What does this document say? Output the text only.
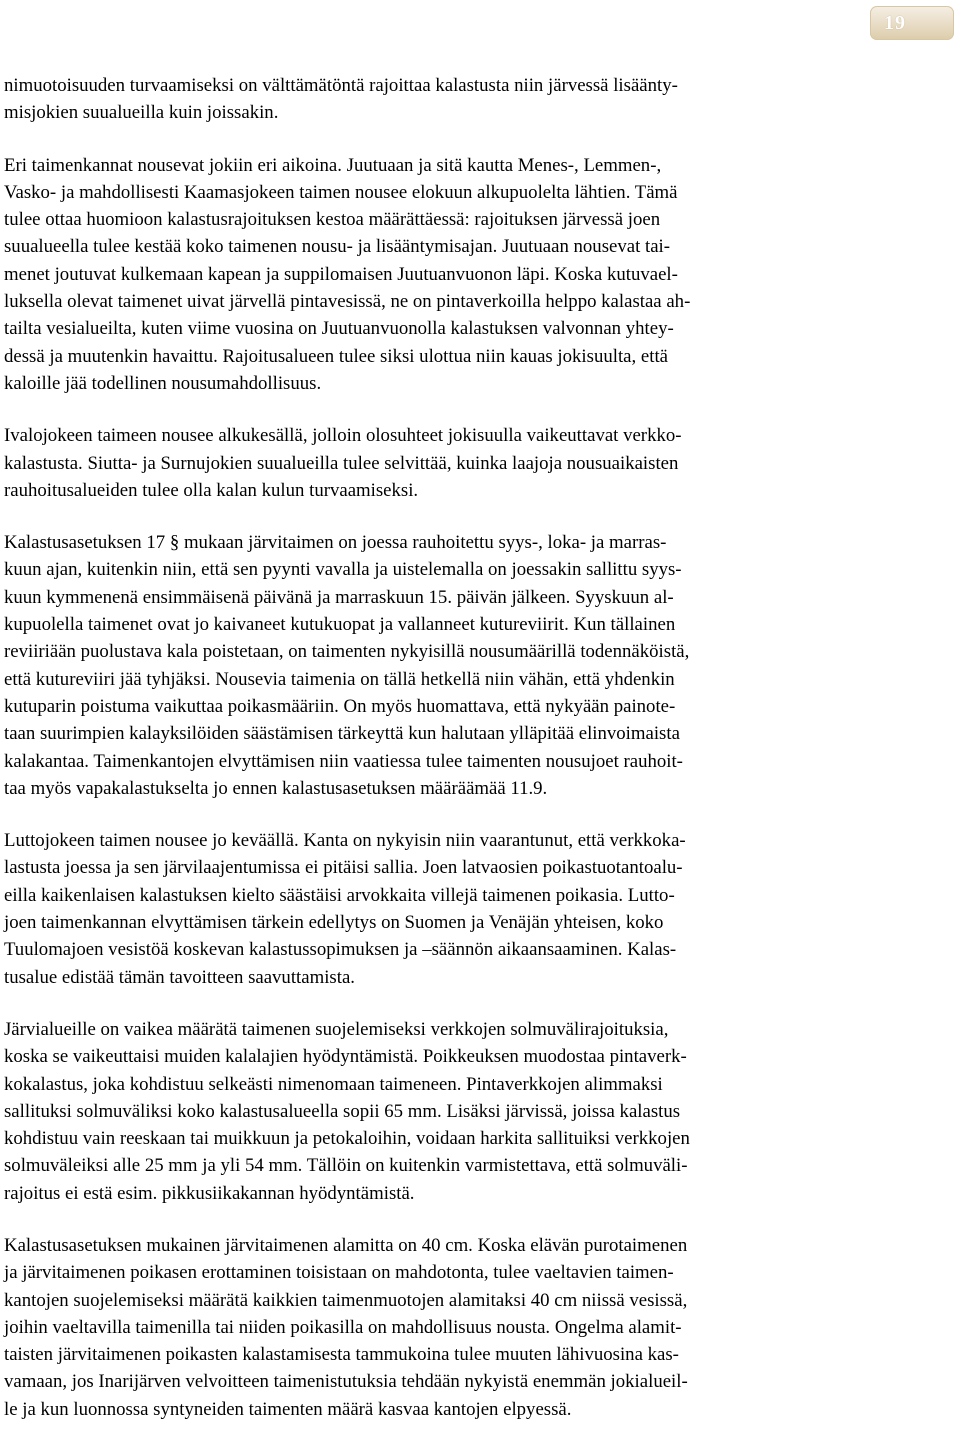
19

nimuotoisuuden turvaamiseksi on välttämätöntä rajoittaa kalastusta niin järvessä lisäänty-
misjokien suualueilla kuin joissakin.

Eri taimenkannat nousevat jokiin eri aikoina. Juutuaan ja sitä kautta Menes-, Lemmen-,
Vasko- ja mahdollisesti Kaamasjokeen taimen nousee elokuun alkupuolelta lähtien. Tämä
tulee ottaa huomioon kalastusrajoituksen kestoa määrättäessä: rajoituksen järvessä joen
suualueella tulee kestää koko taimenen nousu- ja lisääntymisajan. Juutuaan nousevat tai-
menet joutuvat kulkemaan kapean ja suppilomaisen Juutuanvuonon läpi. Koska kutuvael-
luksella olevat taimenet uivat järvellä pintavesissä, ne on pintaverkoilla helppo kalastaa ah-
tailta vesialueilta, kuten viime vuosina on Juutuanvuonolla kalastuksen valvonnan yhtey-
dessä ja muutenkin havaittu. Rajoitusalueen tulee siksi ulottua niin kauas jokisuulta, että
kaloille jää todellinen nousumahdollisuus.

Ivalojokeen taimeen nousee alkukesällä, jolloin olosuhteet jokisuulla vaikeuttavat verkko-
kalastusta. Siutta- ja Surnujokien suualueilla tulee selvittää, kuinka laajoja nousuaikaisten
rauhoitusalueiden tulee olla kalan kulun turvaamiseksi.

Kalastusasetuksen 17 § mukaan järvitaimen on joessa rauhoitettu syys-, loka- ja marras-
kuun ajan, kuitenkin niin, että sen pyynti vavalla ja uistelemalla on joessakin sallittu syys-
kuun kymmenenä ensimmäisenä päivänä ja marraskuun 15. päivän jälkeen. Syyskuun al-
kupuolella taimenet ovat jo kaivaneet kutukuopat ja vallanneet kutureviirit. Kun tällainen
reviiriään puolustava kala poistetaan, on taimenten nykyisillä nousumäärillä todennäköistä,
että kutureviiri jää tyhjäksi. Nousevia taimenia on tällä hetkellä niin vähän, että yhdenkin
kutuparin poistuma vaikuttaa poikasmääriin. On myös huomattava, että nykyään painote-
taan suurimpien kalayksilöiden säästämisen tärkeyttä kun halutaan ylläpitää elinvoimaista
kalakantaa. Taimenkantojen elvyttämisen niin vaatiessa tulee taimenten nousujoet rauhoit-
taa myös vapakalastukselta jo ennen kalastusasetuksen määräämää 11.9.

Luttojokeen taimen nousee jo keväällä. Kanta on nykyisin niin vaarantunut, että verkkoka-
lastusta joessa ja sen järvilaajentumissa ei pitäisi sallia. Joen latvaosien poikastuotantoalu-
eilla kaikenlaisen kalastuksen kielto säästäisi arvokkaita villejä taimenen poikasia. Lutto-
joen taimenkannan elvyttämisen tärkein edellytys on Suomen ja Venäjän yhteisen, koko
Tuulomajoen vesistöä koskevan kalastussopimuksen ja –säännön aikaansaaminen. Kalas-
tusalue edistää tämän tavoitteen saavuttamista.

Järvialueille on vaikea määrätä taimenen suojelemiseksi verkkojen solmuvälirajoituksia,
koska se vaikeuttaisi muiden kalalajien hyödyntämistä. Poikkeuksen muodostaa pintaverk-
kokalastus, joka kohdistuu selkeästi nimenomaan taimeneen. Pintaverkkojen alimmaksi
sallituksi solmuväliksi koko kalastusalueella sopii 65 mm. Lisäksi järvissä, joissa kalastus
kohdistuu vain reeskaan tai muikkuun ja petokaloihin, voidaan harkita sallituiksi verkkojen
solmuväleiksi alle 25 mm ja yli 54 mm. Tällöin on kuitenkin varmistettava, että solmuväli-
rajoitus ei estä esim. pikkusiikakannan hyödyntämistä.

Kalastusasetuksen mukainen järvitaimenen alamitta on 40 cm. Koska elävän purotaimenen
ja järvitaimenen poikasen erottaminen toisistaan on mahdotonta, tulee vaeltavien taimen-
kantojen suojelemiseksi määrätä kaikkien taimenmuotojen alamitaksi 40 cm niissä vesissä,
joihin vaeltavilla taimenilla tai niiden poikasilla on mahdollisuus nousta. Ongelma alamit-
taisten järvitaimenen poikasten kalastamisesta tammukoina tulee muuten lähivuosina kas-
vamaan, jos Inarijärven velvoitteen taimenistutuksia tehdään nykyistä enemmän jokialueil-
le ja kun luonnossa syntyneiden taimenten määrä kasvaa kantojen elpyessä.
